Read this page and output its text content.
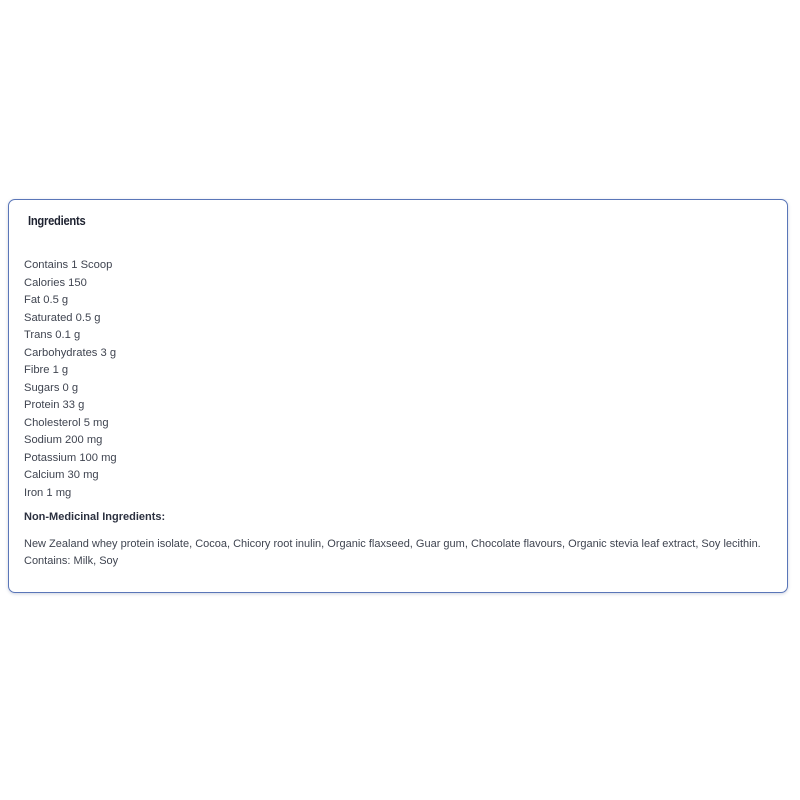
Ingredients
Contains 1 Scoop
Calories 150
Fat 0.5 g
Saturated 0.5 g
Trans 0.1 g
Carbohydrates 3 g
Fibre 1 g
Sugars 0 g
Protein 33 g
Cholesterol 5 mg
Sodium 200 mg
Potassium 100 mg
Calcium 30 mg
Iron 1 mg
Non-Medicinal Ingredients:
New Zealand whey protein isolate, Cocoa, Chicory root inulin, Organic flaxseed, Guar gum, Chocolate flavours, Organic stevia leaf extract, Soy lecithin.
Contains: Milk, Soy
